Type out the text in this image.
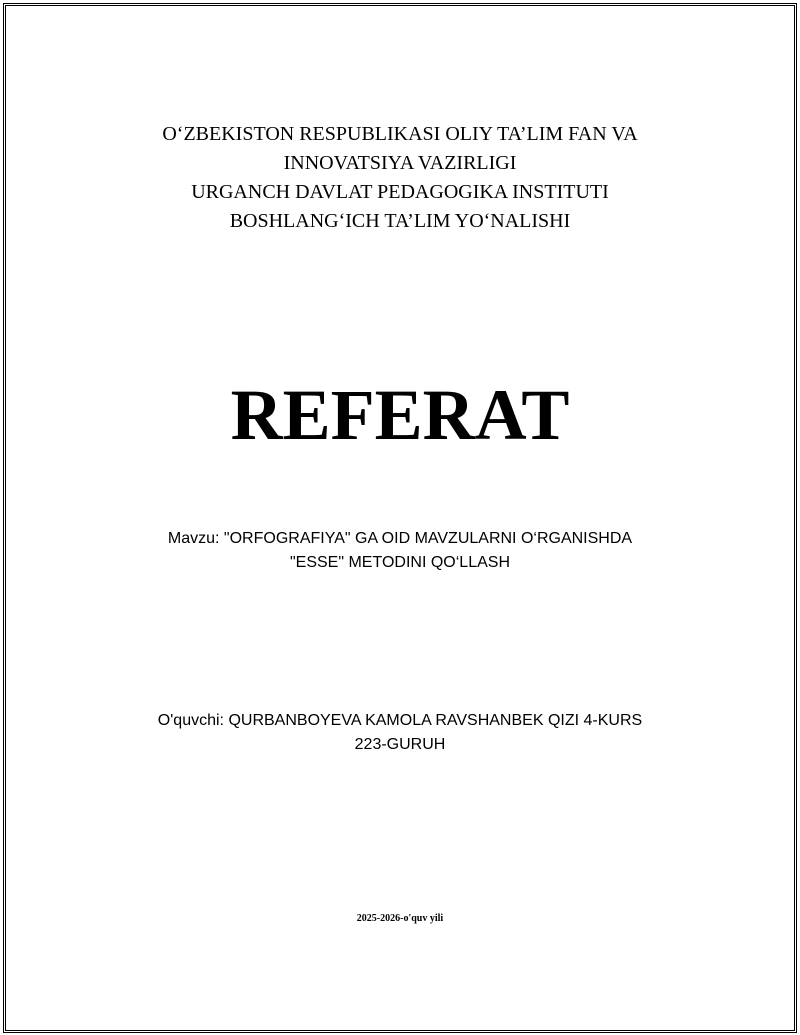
O‘ZBEKISTON RESPUBLIKASI OLIY TA’LIM FAN VA
INNOVATSIYA VAZIRLIGI
URGANCH DAVLAT PEDAGOGIKA INSTITUTI
BOSHLANG‘ICH TA’LIM YO‘NALISHI
REFERAT
Mavzu: "ORFOGRAFIYA" GA OID MAVZULARNI O‘RGANISHDA
"ESSE" METODINI QO‘LLASH
O'quvchi: QURBANBOYEVA KAMOLA RAVSHANBEK QIZI 4-KURS
223-GURUH
2025-2026-o'quv yili
